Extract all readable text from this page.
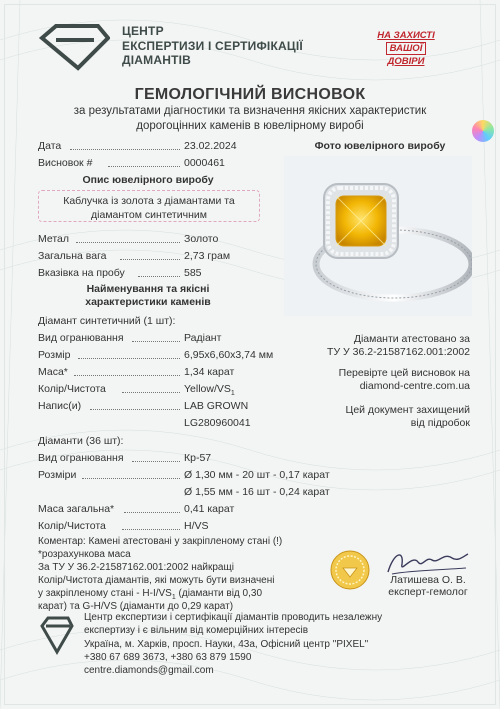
ЦЕНТР
ЕКСПЕРТИЗИ І СЕРТИФІКАЦІЇ
ДІАМАНТІВ
НА ЗАХИСТІ
ВАШОЇ
ДОВІРИ
ГЕМОЛОГІЧНИЙ ВИСНОВОК
за результатами діагностики та визначення якісних характеристик
дорогоцінних каменів в ювелірному виробі
Дата	23.02.2024
Висновок #	0000461
Опис ювелірного виробу
Каблучка із золота з діамантами та
діамантом синтетичним
Метал	Золото
Загальна вага	2,73 грам
Вказівка на пробу	585
Найменування та якісні
характеристики каменів
Діамант синтетичний (1 шт):
Вид огранювання	Радіант
Розмір	6,95х6,60х3,74 мм
Маса*	1,34 карат
Колір/Чистота	Yellow/$VS_1$
Напис(и)	LAB GROWN
LG280960041
Діаманти (36 шт):
Вид огранювання	Кр-57
Розміри	Ø 1,30 мм - 20 шт - 0,17 карат
Ø 1,55 мм - 16 шт - 0,24 карат
Маса загальна*	0,41 карат
Колір/Чистота	H/VS
Коментар: Камені атестовані у закріпленому стані (!)
*розрахункова маса
За ТУ У 36.2-21587162.001:2002 найкращі
Колір/Чистота діамантів, які можуть бути визначені
у закріпленому стані - $H-I/VS_1$ (діаманти від 0,30
карат) та G-H/VS (діаманти до 0,29 карат)
Фото ювелірного виробу
Діаманти атестовано за
ТУ У 36.2-21587162.001:2002
Перевірте цей висновок на
diamond-centre.com.ua
Цей документ захищений
від підробок
Латишева О. В.
експерт-гемолог
Центр експертизи і сертифікації діамантів проводить незалежну
експертизу і є вільним від комерційних інтересів
Україна, м. Харків, просп. Науки, 43а, Офісний центр "PIXEL"
+380 67 689 3673, +380 63 879 1590
centre.diamonds@gmail.com
